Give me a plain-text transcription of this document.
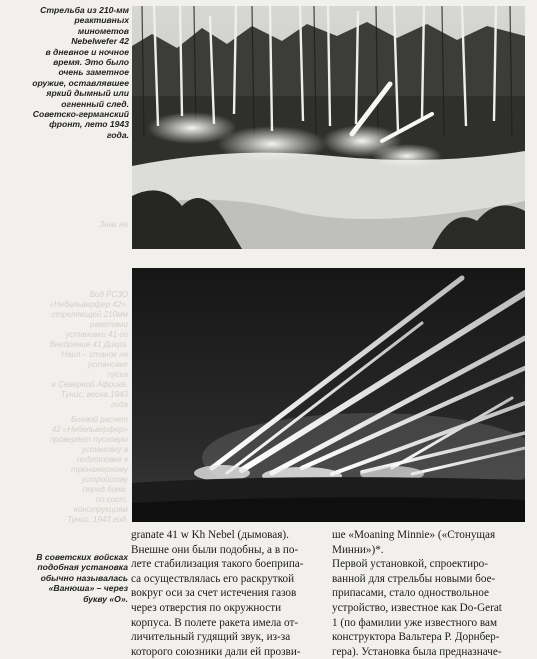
Стрельба из 210-мм
реактивных
минометов
Nebelwefer 42
в дневное и ночное
время. Это было
очень заметное
оружие, оставлявшее
яркий дымный или
огненный след.
Советско-германский
фронт, лето 1943
года.
Вид РСЗО
«Небельверфер 42»,
стреляющей 210мм
ракетами
установки 41-го
Внедрение 41 Дикрэ.
Наил – станок на
установке
пуска
в Северной Африке.
Тунис, весна 1943
года
Боевой расчет
42 «Небельверфер»
проверяет пусковую
установку в
подготовке к
тренажерному
устройству
перед боем.
по сост.
конструкциям
Тунис, 1943 год.
Знак на
В советских войсках
подобная установка
обычно называлась
«Ванюша» – через
букву «О».
granate 41 w Kh Nebel (дымовая).
Внешне они были подобны, а в по-
лете стабилизация такого боеприпа-
са осуществлялась его раскруткой
вокруг оси за счет истечения газов
через отверстия по окружности
корпуса. В полете ракета имела от-
личительный гудящий звук, из-за
которого союзники дали ей прозви-
ше «Moaning Minnie» («Стонущая
Минни»)*.
Первой установкой, спроектиро-
ванной для стрельбы новыми бое-
припасами, стало одноствольное
устройство, известное как Do-Gerat
1 (по фамилии уже известного вам
конструктора Вальтера Р. Дорнбер-
гера). Установка была предназначе-
